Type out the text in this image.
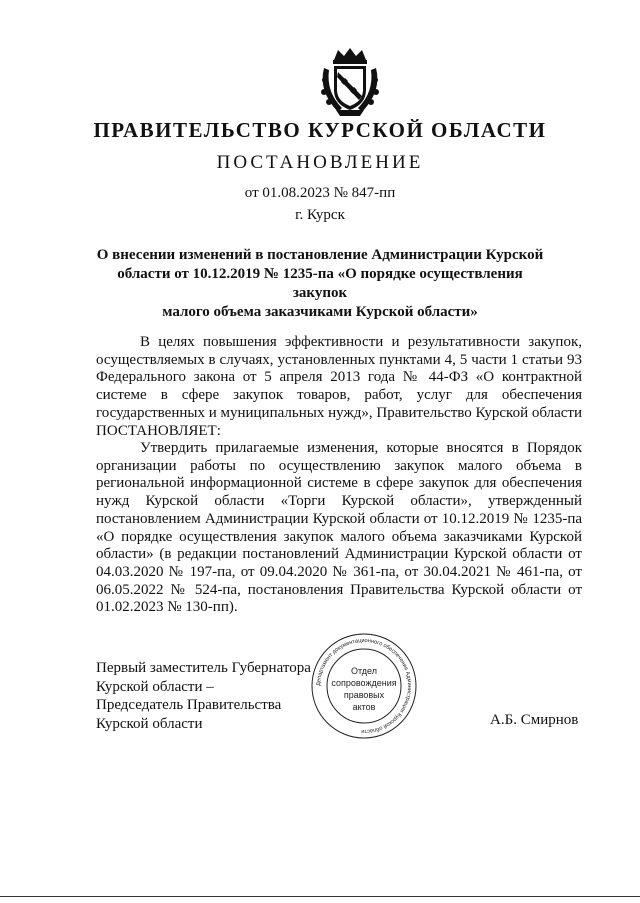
ПРАВИТЕЛЬСТВО КУРСКОЙ ОБЛАСТИ
ПОСТАНОВЛЕНИЕ
от 01.08.2023 № 847-пп
г. Курск
О внесении изменений в постановление Администрации Курской
области от 10.12.2019 № 1235-па «О порядке осуществления закупок
малого объема заказчиками Курской области»

В целях повышения эффективности и результативности закупок, осуществляемых в случаях, установленных пунктами 4, 5 части 1 статьи 93 Федерального закона от 5 апреля 2013 года № 44-ФЗ «О контрактной системе в сфере закупок товаров, работ, услуг для обеспечения государственных и муниципальных нужд», Правительство Курской области ПОСТАНОВЛЯЕТ:

Утвердить прилагаемые изменения, которые вносятся в Порядок организации работы по осуществлению закупок малого объема в региональной информационной системе в сфере закупок для обеспечения нужд Курской области «Торги Курской области», утвержденный постановлением Администрации Курской области от 10.12.2019 № 1235-па «О порядке осуществления закупок малого объема заказчиками Курской области» (в редакции постановлений Администрации Курской области от 04.03.2020 № 197-па, от 09.04.2020 № 361-па, от 30.04.2021 № 461-па, от 06.05.2022 № 524-па, постановления Правительства Курской области от 01.02.2023 № 130-пп).

Первый заместитель Губернатора
Курской области –
Председатель Правительства
Курской области
Департамент документационного обеспечения Администрации Курской области
Отдел
сопровождения
правовых
актов
А.Б. Смирнов
